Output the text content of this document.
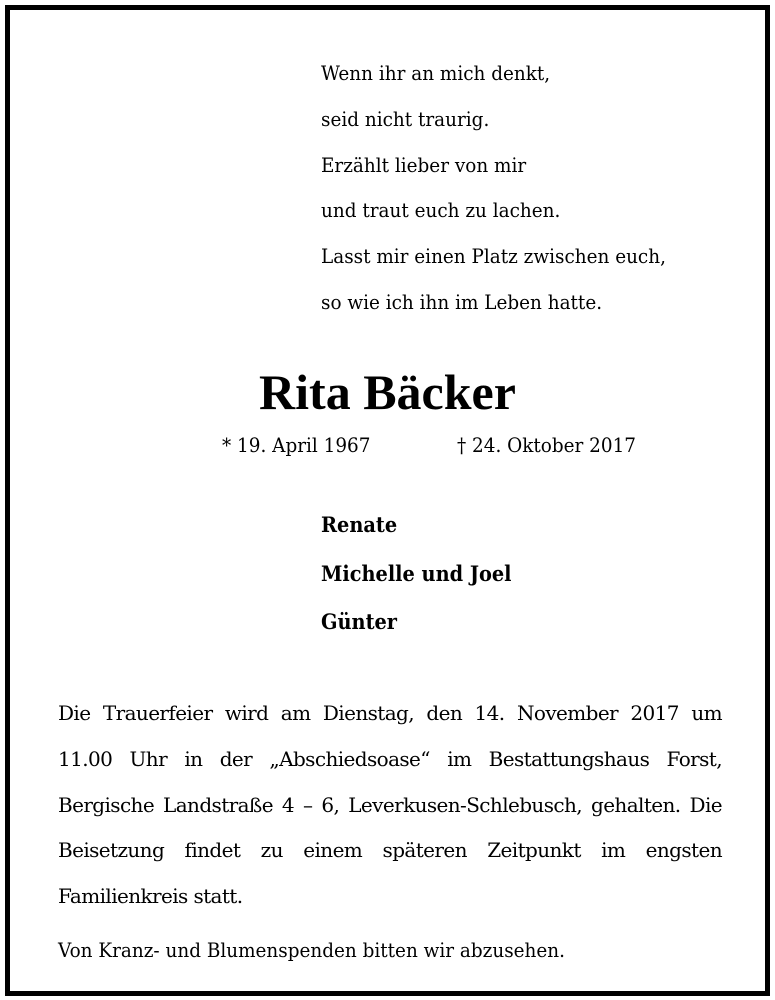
Wenn ihr an mich denkt,
seid nicht traurig.
Erzählt lieber von mir
und traut euch zu lachen.
Lasst mir einen Platz zwischen euch,
so wie ich ihn im Leben hatte.
Rita Bäcker
* 19. April 1967	† 24. Oktober 2017
Renate
Michelle und Joel
Günter

Die Trauerfeier wird am Dienstag, den 14. November 2017 um 11.00 Uhr in der „Abschiedsoase“ im Bestattungshaus Forst, Bergische Landstraße 4 – 6, Leverkusen-Schlebusch, gehalten. Die Beisetzung findet zu einem späteren Zeitpunkt im engsten Familienkreis statt.

Von Kranz- und Blumenspenden bitten wir abzusehen.
